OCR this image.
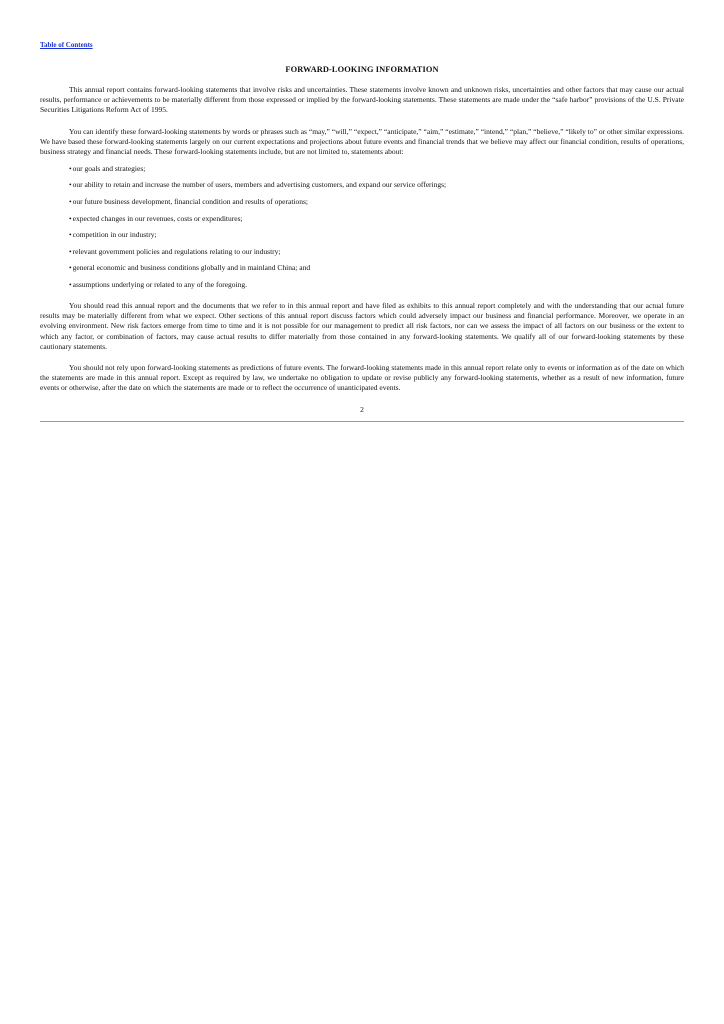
Table of Contents
FORWARD-LOOKING INFORMATION

This annual report contains forward-looking statements that involve risks and uncertainties. These statements involve known and unknown risks, uncertainties and other factors that may cause our actual results, performance or achievements to be materially different from those expressed or implied by the forward-looking statements. These statements are made under the “safe harbor” provisions of the U.S. Private Securities Litigations Reform Act of 1995.

You can identify these forward-looking statements by words or phrases such as “may,” “will,” “expect,” “anticipate,” “aim,” “estimate,” “intend,” “plan,” “believe,” “likely to” or other similar expressions. We have based these forward-looking statements largely on our current expectations and projections about future events and financial trends that we believe may affect our financial condition, results of operations, business strategy and financial needs. These forward-looking statements include, but are not limited to, statements about:

•our goals and strategies;
•our ability to retain and increase the number of users, members and advertising customers, and expand our service offerings;
•our future business development, financial condition and results of operations;
•expected changes in our revenues, costs or expenditures;
•competition in our industry;
•relevant government policies and regulations relating to our industry;
•general economic and business conditions globally and in mainland China; and
•assumptions underlying or related to any of the foregoing.

You should read this annual report and the documents that we refer to in this annual report and have filed as exhibits to this annual report completely and with the understanding that our actual future results may be materially different from what we expect. Other sections of this annual report discuss factors which could adversely impact our business and financial performance. Moreover, we operate in an evolving environment. New risk factors emerge from time to time and it is not possible for our management to predict all risk factors, nor can we assess the impact of all factors on our business or the extent to which any factor, or combination of factors, may cause actual results to differ materially from those contained in any forward-looking statements. We qualify all of our forward-looking statements by these cautionary statements.

You should not rely upon forward-looking statements as predictions of future events. The forward-looking statements made in this annual report relate only to events or information as of the date on which the statements are made in this annual report. Except as required by law, we undertake no obligation to update or revise publicly any forward-looking statements, whether as a result of new information, future events or otherwise, after the date on which the statements are made or to reflect the occurrence of unanticipated events.

2
